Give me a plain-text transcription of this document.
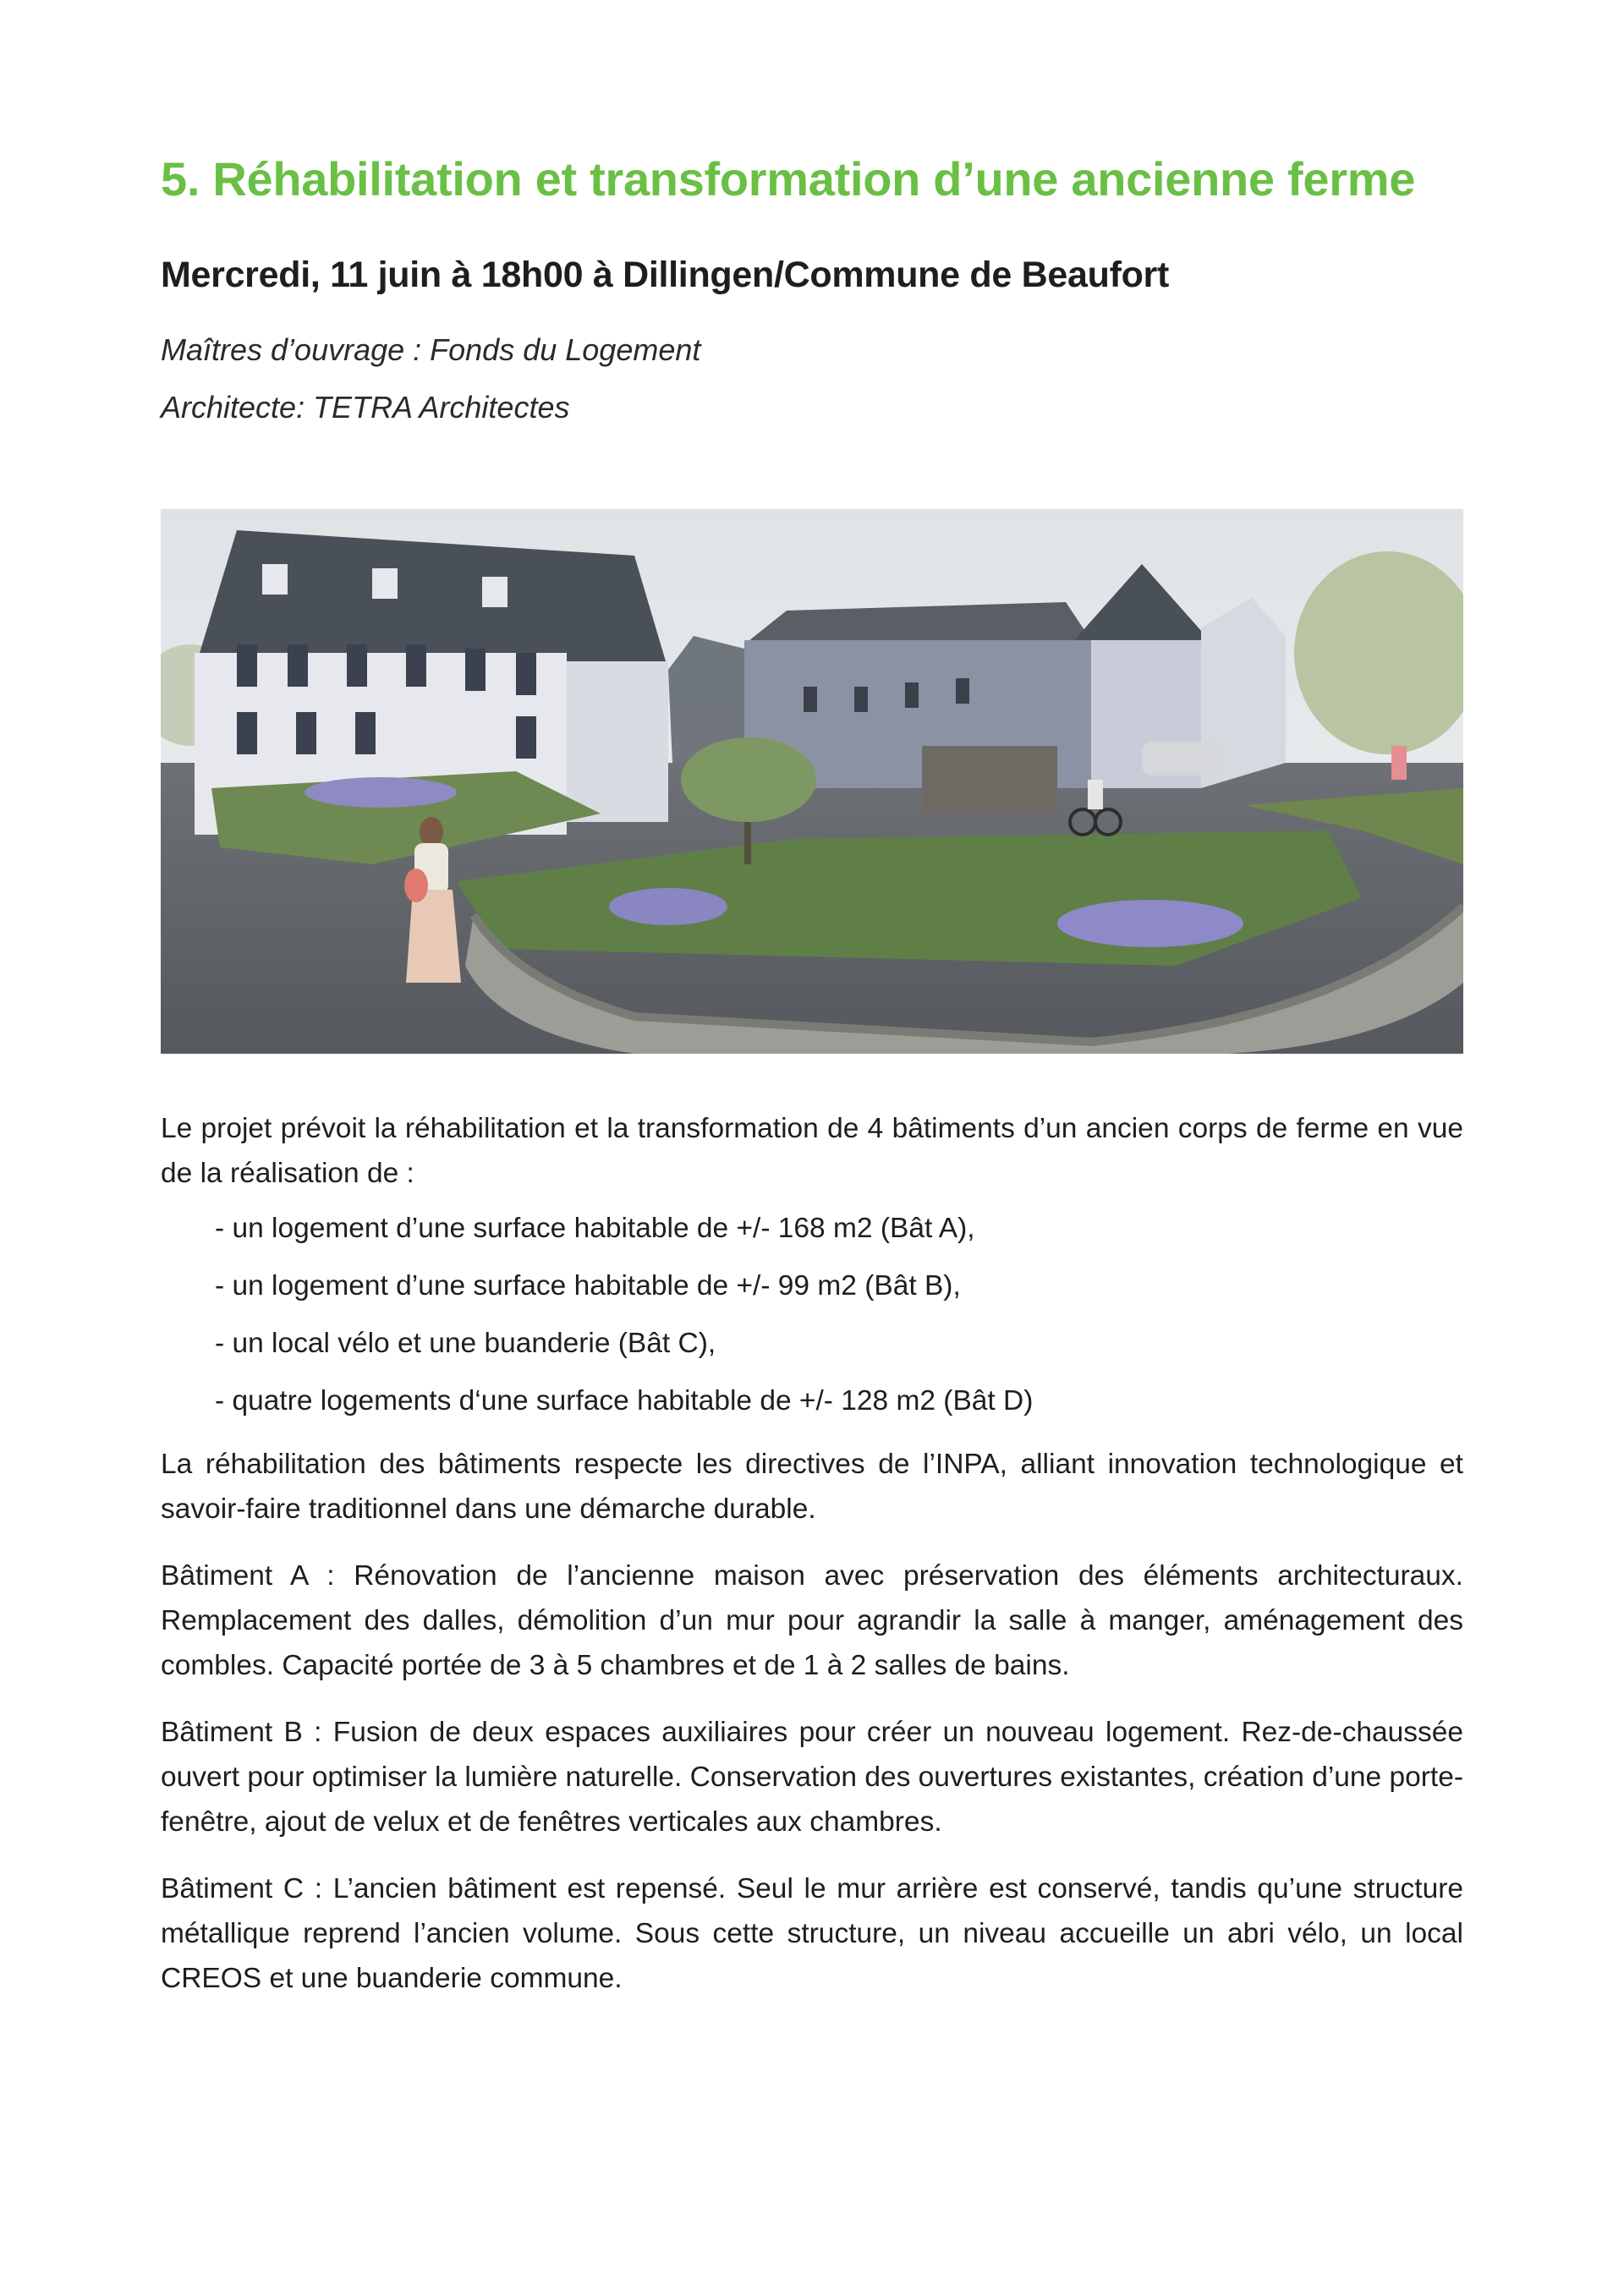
5. Réhabilitation et transformation d’une ancienne ferme
Mercredi, 11 juin à 18h00 à Dillingen/Commune de Beaufort
Maîtres d’ouvrage : Fonds du Logement
Architecte: TETRA Architectes

Le projet prévoit la réhabilitation et la transformation de 4 bâtiments d’un ancien corps de ferme en vue de la réalisation de :

- un logement d’une surface habitable de +/- 168 m2 (Bât A),
- un logement d’une surface habitable de +/- 99 m2 (Bât B),
- un local vélo et une buanderie (Bât C),
- quatre logements d‘une surface habitable de +/- 128 m2 (Bât D)

La réhabilitation des bâtiments respecte les directives de l’INPA, alliant innovation technologique et savoir-faire traditionnel dans une démarche durable.

Bâtiment A : Rénovation de l’ancienne maison avec préservation des éléments architecturaux. Remplacement des dalles, démolition d’un mur pour agrandir la salle à manger, aménagement des combles. Capacité portée de 3 à 5 chambres et de 1 à 2 salles de bains.

Bâtiment B : Fusion de deux espaces auxiliaires pour créer un nouveau logement. Rez-de-chaussée ouvert pour optimiser la lumière naturelle. Conservation des ouvertures existantes, création d’une porte-fenêtre, ajout de velux et de fenêtres verticales aux chambres.

Bâtiment C : L’ancien bâtiment est repensé. Seul le mur arrière est conservé, tandis qu’une structure métallique reprend l’ancien volume. Sous cette structure, un niveau accueille un abri vélo, un local CREOS et une buanderie commune.
